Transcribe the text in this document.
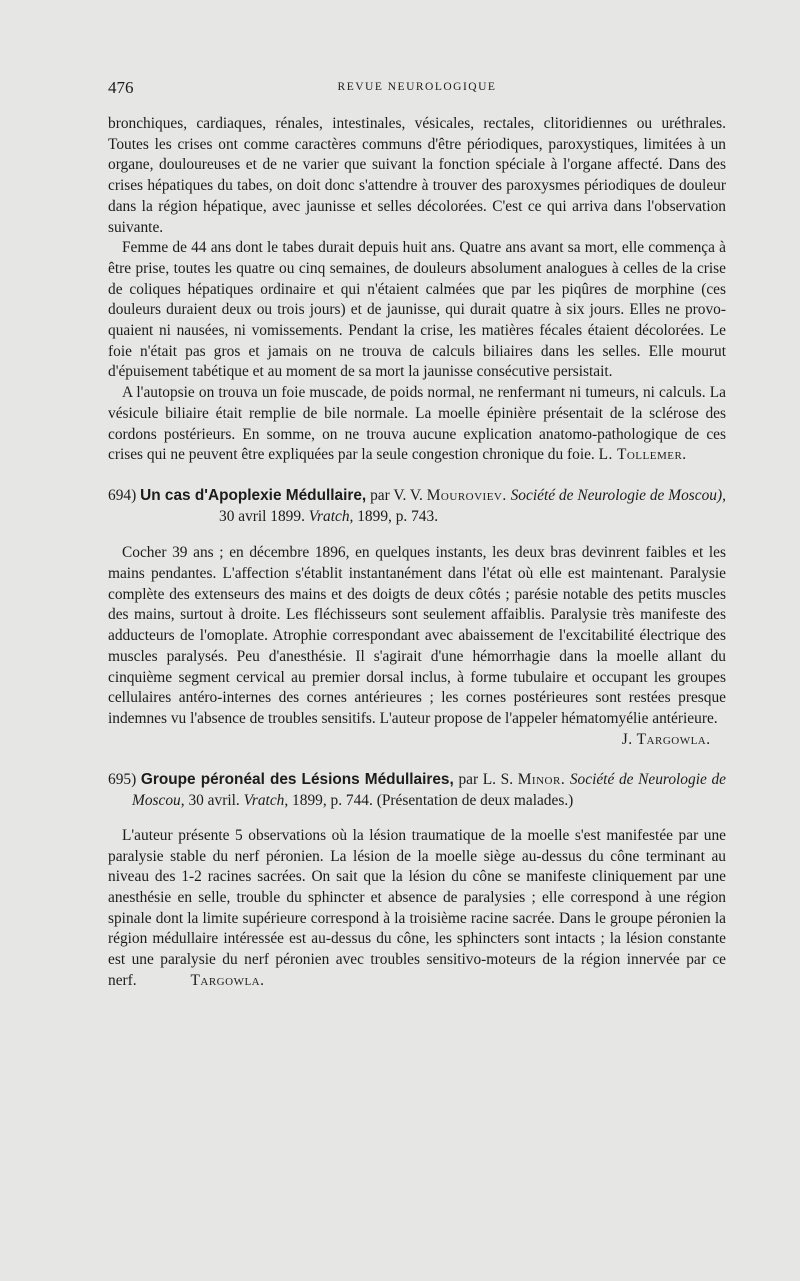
476	REVUE NEUROLOGIQUE

bronchiques, cardiaques, rénales, intestinales, vésicales, rectales, clitoridiennes ou uréthrales. Toutes les crises ont comme caractères communs d'être périodiques, paroxystiques, limitées à un organe, douloureuses et de ne varier que suivant la fonction spéciale à l'organe affecté. Dans des crises hépatiques du tabes, on doit donc s'attendre à trouver des paroxysmes périodiques de douleur dans la région hépatique, avec jaunisse et selles décolorées. C'est ce qui arriva dans l'observation suivante.

Femme de 44 ans dont le tabes durait depuis huit ans. Quatre ans avant sa mort, elle commença à être prise, toutes les quatre ou cinq semaines, de douleurs absolument analogues à celles de la crise de coliques hépatiques ordinaire et qui n'étaient calmées que par les piqûres de morphine (ces douleurs duraient deux ou trois jours) et de jaunisse, qui durait quatre à six jours. Elles ne provoquaient ni nausées, ni vomissements. Pendant la crise, les matières fécales étaient décolorées. Le foie n'était pas gros et jamais on ne trouva de calculs biliaires dans les selles. Elle mourut d'épuisement tabétique et au moment de sa mort la jaunisse consécutive persistait.

A l'autopsie on trouva un foie muscade, de poids normal, ne renfermant ni tumeurs, ni calculs. La vésicule biliaire était remplie de bile normale. La moelle épinière présentait de la sclérose des cordons postérieurs. En somme, on ne trouva aucune explication anatomo-pathologique de ces crises qui ne peuvent être expliquées par la seule congestion chronique du foie. L. Tollemer.

694) Un cas d'Apoplexie Médullaire, par V. V. Mouroviev. Société de Neurologie de Moscou), 30 avril 1899. Vratch, 1899, p. 743.

Cocher 39 ans ; en décembre 1896, en quelques instants, les deux bras devinrent faibles et les mains pendantes. L'affection s'établit instantanément dans l'état où elle est maintenant. Paralysie complète des extenseurs des mains et des doigts de deux côtés ; parésie notable des petits muscles des mains, surtout à droite. Les fléchisseurs sont seulement affaiblis. Paralysie très manifeste des adducteurs de l'omoplate. Atrophie correspondant avec abaissement de l'excitabilité électrique des muscles paralysés. Peu d'anesthésie. Il s'agirait d'une hémorrhagie dans la moelle allant du cinquième segment cervical au premier dorsal inclus, à forme tubulaire et occupant les groupes cellulaires antéro-internes des cornes antérieures ; les cornes postérieures sont restées presque indemnes vu l'absence de troubles sensitifs. L'auteur propose de l'appeler hématomyélie antérieure.

J. Targowla.

695) Groupe péronéal des Lésions Médullaires, par L. S. Minor. Société de Neurologie de Moscou, 30 avril. Vratch, 1899, p. 744. (Présentation de deux malades.)

L'auteur présente 5 observations où la lésion traumatique de la moelle s'est manifestée par une paralysie stable du nerf péronien. La lésion de la moelle siège au-dessus du cône terminant au niveau des 1-2 racines sacrées. On sait que la lésion du cône se manifeste cliniquement par une anesthésie en selle, trouble du sphincter et absence de paralysies ; elle correspond à une région spinale dont la limite supérieure correspond à la troisième racine sacrée. Dans le groupe péronien la région médullaire intéressée est au-dessus du cône, les sphincters sont intacts ; la lésion constante est une paralysie du nerf péronien avec troubles sensitivo-moteurs de la région innervée par ce nerf.	Targowla.
